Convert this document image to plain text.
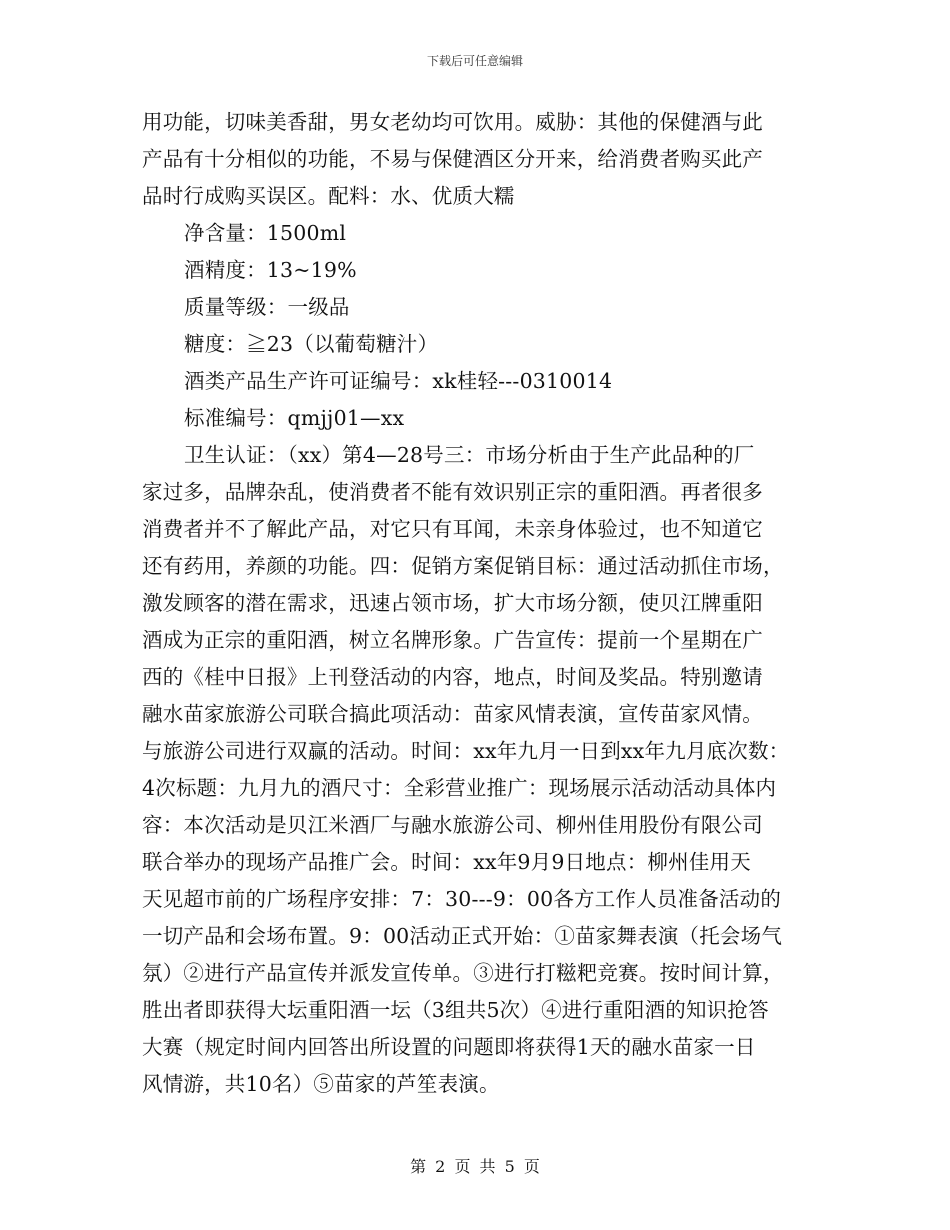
下载后可任意编辑
用功能，切味美香甜，男女老幼均可饮用。威胁：其他的保健酒与此
产品有十分相似的功能，不易与保健酒区分开来，给消费者购买此产
品时行成购买误区。配料：水、优质大糯
净含量：1500ml
酒精度：13~19%
质量等级：一级品
糖度：≧23（以葡萄糖汁）
酒类产品生产许可证编号：xk桂轻---0310014
标准编号：qmjj01—xx
卫生认证：（xx）第4—28号三：市场分析由于生产此品种的厂
家过多，品牌杂乱，使消费者不能有效识别正宗的重阳酒。再者很多
消费者并不了解此产品，对它只有耳闻，未亲身体验过，也不知道它
还有药用，养颜的功能。四：促销方案促销目标：通过活动抓住市场，
激发顾客的潜在需求，迅速占领市场，扩大市场分额，使贝江牌重阳
酒成为正宗的重阳酒，树立名牌形象。广告宣传：提前一个星期在广
西的《桂中日报》上刊登活动的内容，地点，时间及奖品。特别邀请
融水苗家旅游公司联合搞此项活动：苗家风情表演，宣传苗家风情。
与旅游公司进行双赢的活动。时间：xx年九月一日到xx年九月底次数：
4次标题：九月九的酒尺寸：全彩营业推广：现场展示活动活动具体内
容：本次活动是贝江米酒厂与融水旅游公司、柳州佳用股份有限公司
联合举办的现场产品推广会。时间：xx年9月9日地点：柳州佳用天
天见超市前的广场程序安排：7：30---9：00各方工作人员准备活动的
一切产品和会场布置。9：00活动正式开始：①苗家舞表演（托会场气
氛）②进行产品宣传并派发宣传单。③进行打糍粑竞赛。按时间计算，
胜出者即获得大坛重阳酒一坛（3组共5次）④进行重阳酒的知识抢答
大赛（规定时间内回答出所设置的问题即将获得1天的融水苗家一日
风情游，共10名）⑤苗家的芦笙表演。
第 2 页 共 5 页
